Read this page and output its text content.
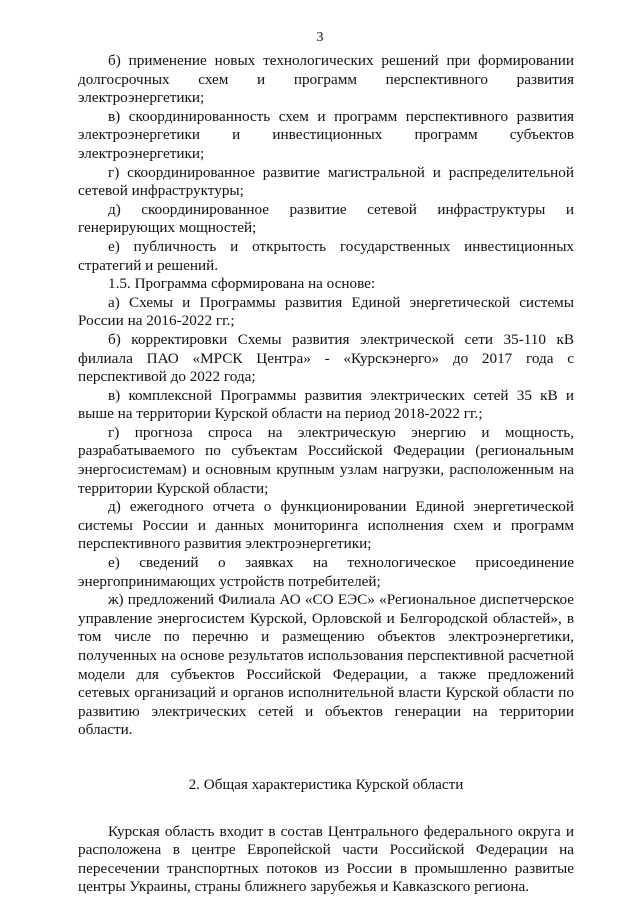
3

б) применение новых технологических решений при формировании долгосрочных схем и программ перспективного развития электроэнергетики;

в) скоординированность схем и программ перспективного развития электроэнергетики и инвестиционных программ субъектов электроэнергетики;

г) скоординированное развитие магистральной и распределительной сетевой инфраструктуры;

д) скоординированное развитие сетевой инфраструктуры и генерирующих мощностей;

е) публичность и открытость государственных инвестиционных стратегий и решений.

1.5. Программа сформирована на основе:

а) Схемы и Программы развития Единой энергетической системы России на 2016-2022 гг.;

б) корректировки Схемы развития электрической сети 35-110 кВ филиала ПАО «МРСК Центра» - «Курскэнерго» до 2017 года с перспективой до 2022 года;

в) комплексной Программы развития электрических сетей 35 кВ и выше на территории Курской области на период 2018-2022 гг.;

г) прогноза спроса на электрическую энергию и мощность, разрабатываемого по субъектам Российской Федерации (региональным энергосистемам) и основным крупным узлам нагрузки, расположенным на территории Курской области;

д) ежегодного отчета о функционировании Единой энергетической системы России и данных мониторинга исполнения схем и программ перспективного развития электроэнергетики;

е) сведений о заявках на технологическое присоединение энергопринимающих устройств потребителей;

ж) предложений Филиала АО «СО ЕЭС» «Региональное диспетчерское управление энергосистем Курской, Орловской и Белгородской областей», в том числе по перечню и размещению объектов электроэнергетики, полученных на основе результатов использования перспективной расчетной модели для субъектов Российской Федерации, а также предложений сетевых организаций и органов исполнительной власти Курской области по развитию электрических сетей и объектов генерации на территории области.

2. Общая характеристика Курской области

Курская область входит в состав Центрального федерального округа и расположена в центре Европейской части Российской Федерации на пересечении транспортных потоков из России в промышленно развитые центры Украины, страны ближнего зарубежья и Кавказского региона.
